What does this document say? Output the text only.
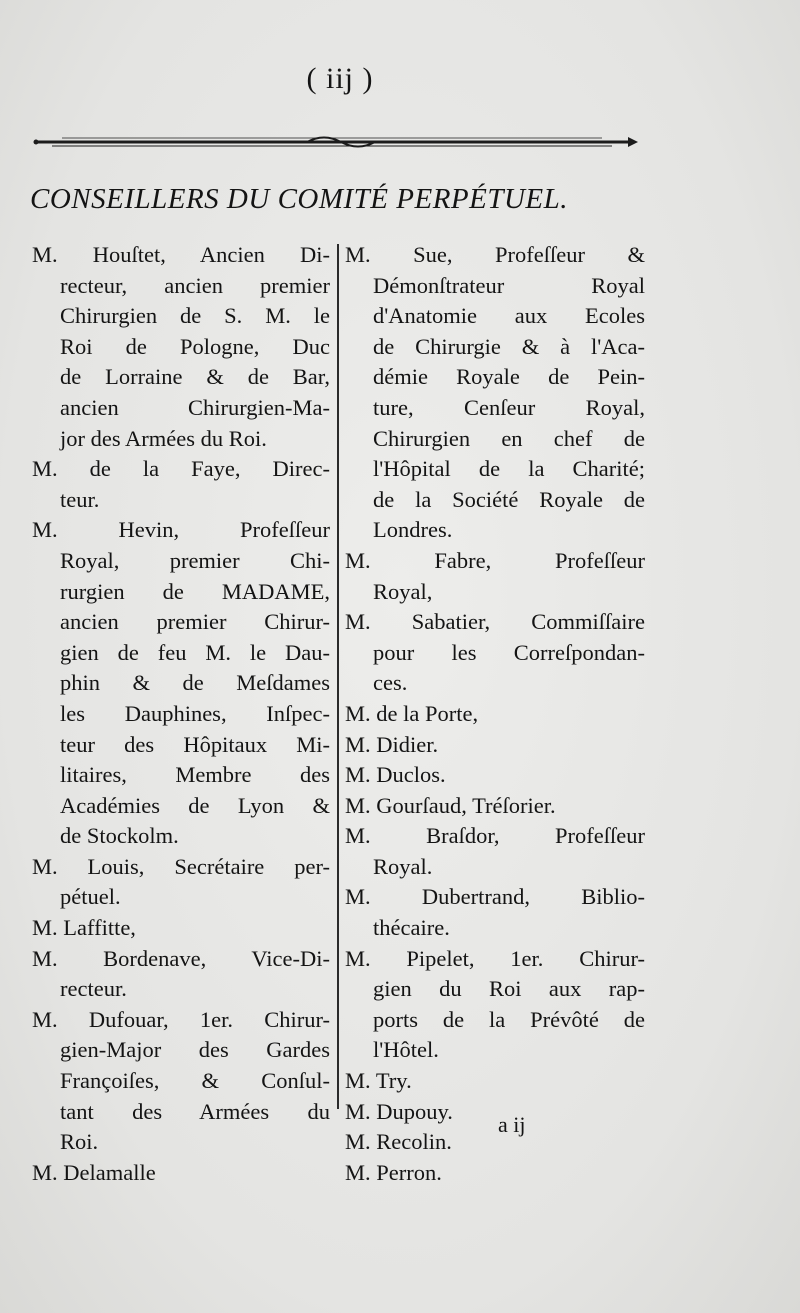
( iij )
CONSEILLERS DU COMITÉ PERPÉTUEL.
M. Houſtet, Ancien Di-
recteur, ancien premier
Chirurgien de S. M. le
Roi de Pologne, Duc
de Lorraine & de Bar,
ancien Chirurgien-Ma-
jor des Armées du Roi.
M. de la Faye, Direc-
teur.
M. Hevin, Profeſſeur
Royal, premier Chi-
rurgien de MADAME,
ancien premier Chirur-
gien de feu M. le Dau-
phin & de Meſdames
les Dauphines, Inſpec-
teur des Hôpitaux Mi-
litaires, Membre des
Académies de Lyon &
de Stockolm.
M. Louis, Secrétaire per-
pétuel.
M. Laffitte,
M. Bordenave, Vice-Di-
recteur.
M. Dufouar, 1er. Chirur-
gien-Major des Gardes
Françoiſes, & Conſul-
tant des Armées du
Roi.
M. Delamalle
M. Sue, Profeſſeur &
Démonſtrateur Royal
d'Anatomie aux Ecoles
de Chirurgie & à l'Aca-
démie Royale de Pein-
ture, Cenſeur Royal,
Chirurgien en chef de
l'Hôpital de la Charité;
de la Société Royale de
Londres.
M. Fabre, Profeſſeur
Royal,
M. Sabatier, Commiſſaire
pour les Correſpondan-
ces.
M. de la Porte,
M. Didier.
M. Duclos.
M. Gourſaud, Tréſorier.
M. Braſdor, Profeſſeur
Royal.
M. Dubertrand, Biblio-
thécaire.
M. Pipelet, 1er. Chirur-
gien du Roi aux rap-
ports de la Prévôté de
l'Hôtel.
M. Try.
M. Dupouy.
M. Recolin.
M. Perron.
a ij
